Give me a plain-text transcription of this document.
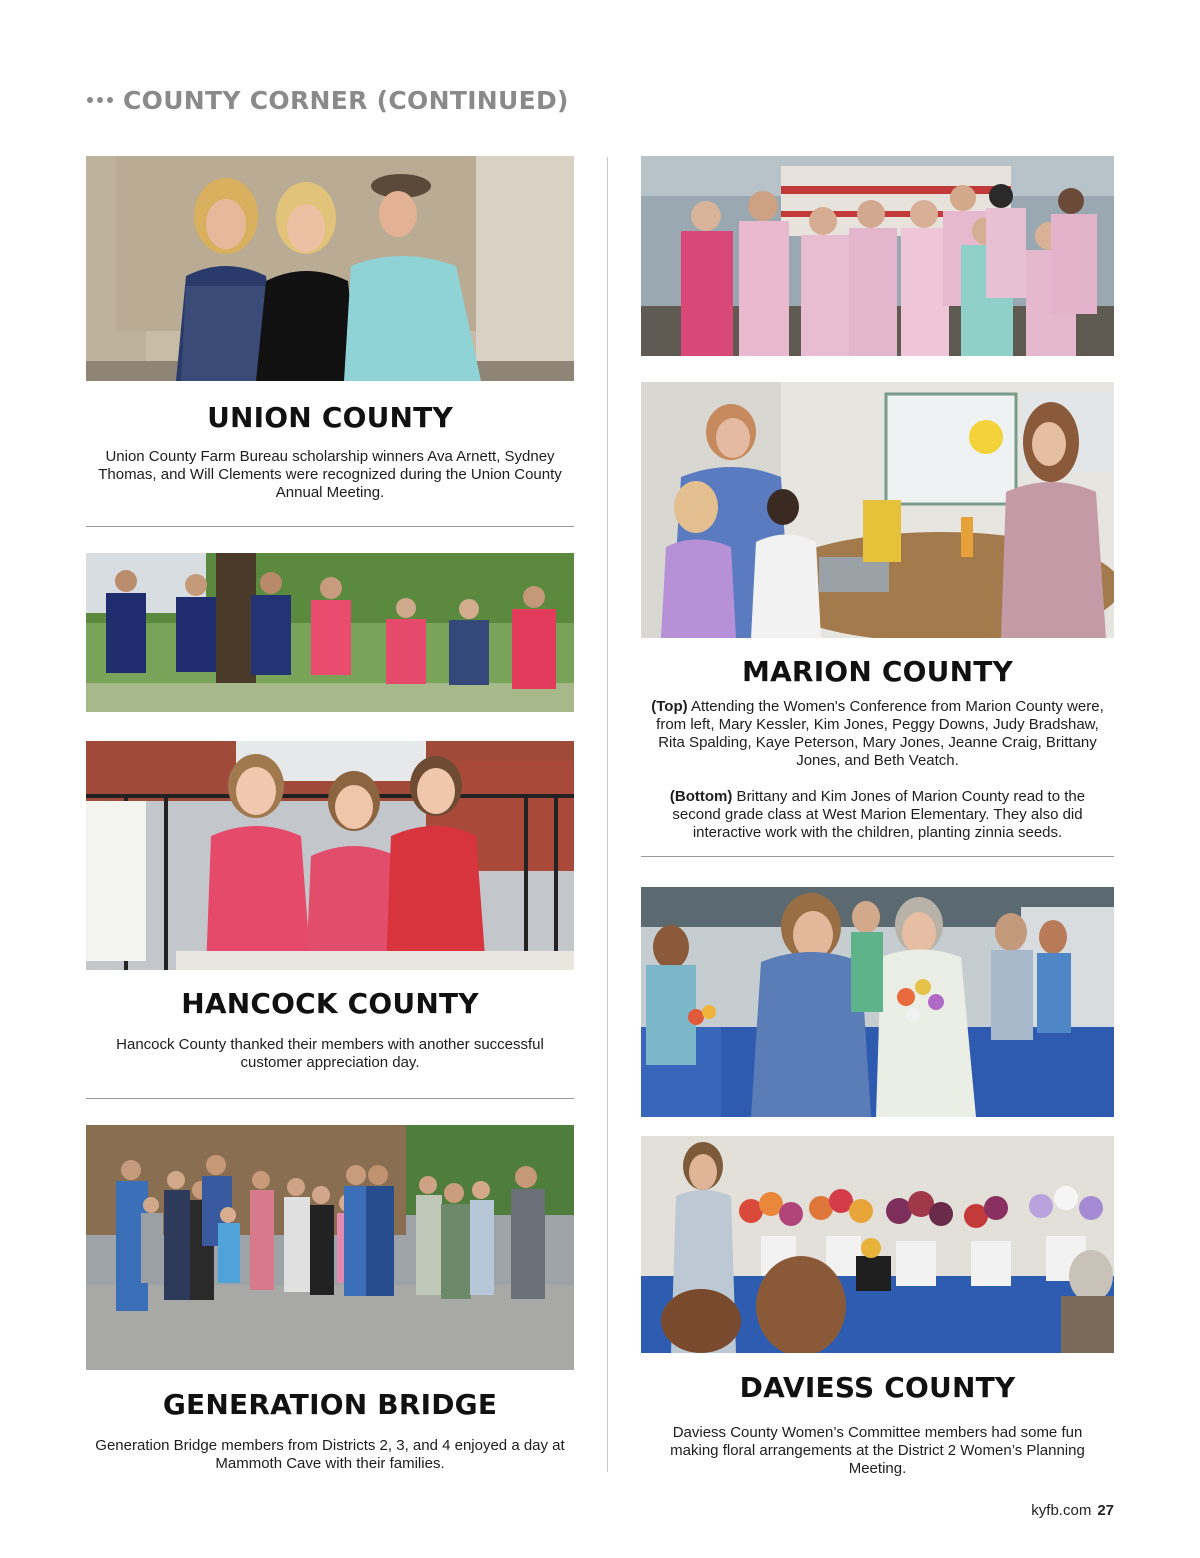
COUNTY CORNER (CONTINUED)
UNION COUNTY
Union County Farm Bureau scholarship winners Ava Arnett, Sydney Thomas, and Will Clements were recognized during the Union County Annual Meeting.
HANCOCK COUNTY
Hancock County thanked their members with another successful customer appreciation day.
GENERATION BRIDGE
Generation Bridge members from Districts 2, 3, and 4 enjoyed a day at Mammoth Cave with their families.
MARION COUNTY
(Top) Attending the Women's Conference from Marion County were, from left, Mary Kessler, Kim Jones, Peggy Downs, Judy Bradshaw, Rita Spalding, Kaye Peterson, Mary Jones, Jeanne Craig, Brittany Jones, and Beth Veatch.
(Bottom) Brittany and Kim Jones of Marion County read to the second grade class at West Marion Elementary. They also did interactive work with the children, planting zinnia seeds.
DAVIESS COUNTY
Daviess County Women’s Committee members had some fun making floral arrangements at the District 2 Women’s Planning Meeting.
kyfb.com 27
